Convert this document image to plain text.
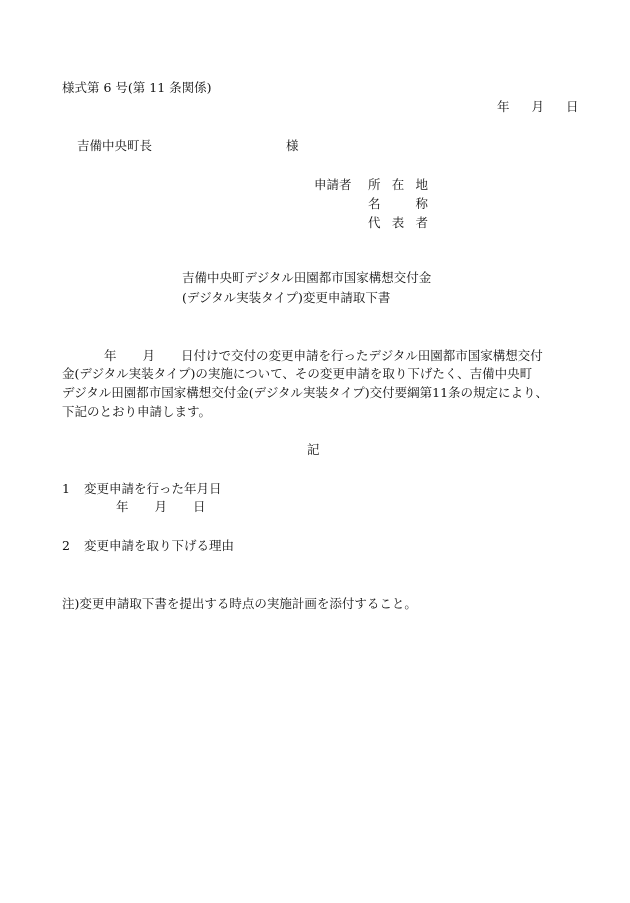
様式第 6 号(第 11 条関係)
年 月 日
吉備中央町長	様
申請者 所 在 地
名	称
代 表 者
吉備中央町デジタル田園都市国家構想交付金
(デジタル実装タイプ)変更申請取下書
年 月 日付けで交付の変更申請を行ったデジタル田園都市国家構想交付
金(デジタル実装タイプ)の実施について、その変更申請を取り下げたく、吉備中央町
デジタル田園都市国家構想交付金(デジタル実装タイプ)交付要綱第11条の規定により、
下記のとおり申請します。
記
1 変更申請を行った年月日
年 月 日
2 変更申請を取り下げる理由
注)変更申請取下書を提出する時点の実施計画を添付すること。
